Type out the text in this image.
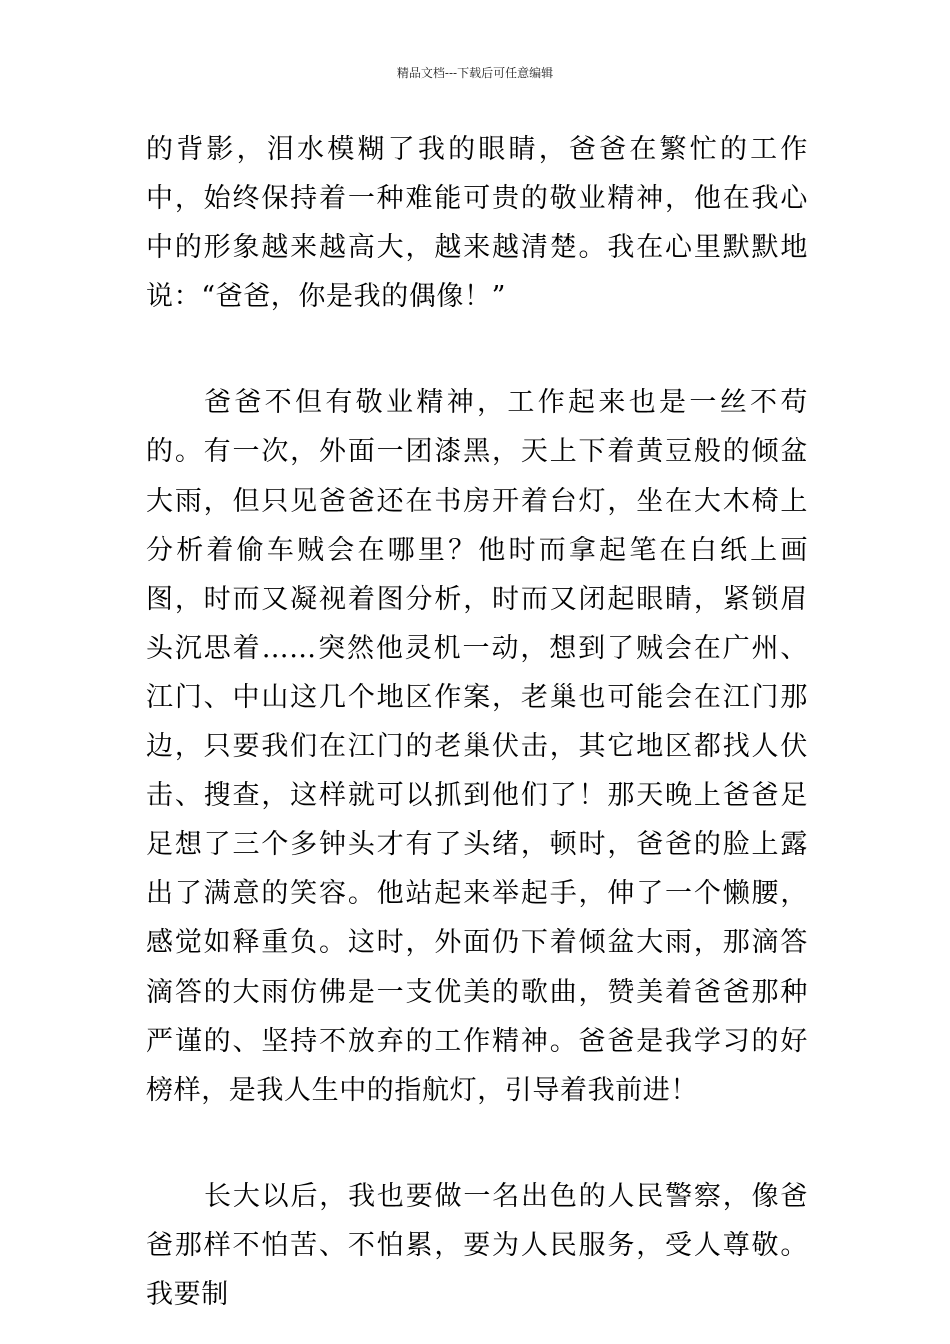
精品文档---下载后可任意编辑

的背影，泪水模糊了我的眼睛，爸爸在繁忙的工作中，始终保持着一种难能可贵的敬业精神，他在我心中的形象越来越高大，越来越清楚。我在心里默默地说：“爸爸，你是我的偶像！”

爸爸不但有敬业精神，工作起来也是一丝不苟的。有一次，外面一团漆黑，天上下着黄豆般的倾盆大雨，但只见爸爸还在书房开着台灯，坐在大木椅上分析着偷车贼会在哪里？他时而拿起笔在白纸上画图，时而又凝视着图分析，时而又闭起眼睛，紧锁眉头沉思着……突然他灵机一动，想到了贼会在广州、江门、中山这几个地区作案，老巢也可能会在江门那边，只要我们在江门的老巢伏击，其它地区都找人伏击、搜查，这样就可以抓到他们了！那天晚上爸爸足足想了三个多钟头才有了头绪，顿时，爸爸的脸上露出了满意的笑容。他站起来举起手，伸了一个懒腰，感觉如释重负。这时，外面仍下着倾盆大雨，那滴答滴答的大雨仿佛是一支优美的歌曲，赞美着爸爸那种严谨的、坚持不放弃的工作精神。爸爸是我学习的好榜样，是我人生中的指航灯，引导着我前进！

长大以后，我也要做一名出色的人民警察，像爸爸那样不怕苦、不怕累，要为人民服务，受人尊敬。我要制
